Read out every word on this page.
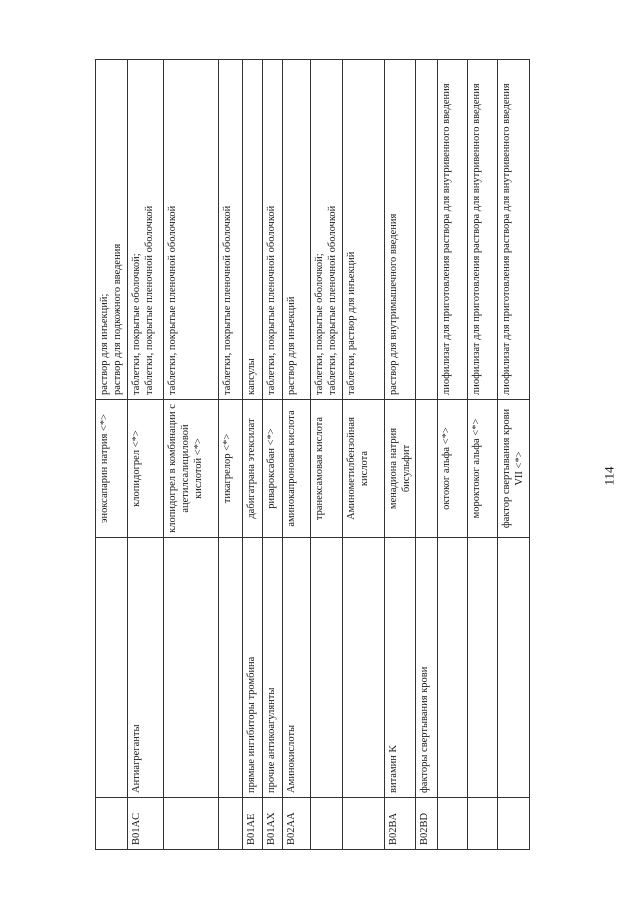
		эноксапарин натрия <*>	раствор для инъекций; раствор для подкожного введения

B01AC	Антиагреганты	клопидогрел <*>	таблетки, покрытые оболочкой; таблетки, покрытые пленочной оболочкой

		клопидогрел в комбинации с ацетилсалициловой кислотой <*>	таблетки, покрытые пленочной оболочкой

		тикагрелор <*>	таблетки, покрытые пленочной оболочкой

B01AE	прямые ингибиторы тромбина	дабигатрана этексилат	капсулы

B01AX	прочие антикоагулянты	ривароксабан <*>	таблетки, покрытые пленочной оболочкой

B02AA	Аминокислоты	аминокапроновая кислота	раствор для инъекций

		транексамовая кислота	таблетки, покрытые оболочкой; таблетки, покрытые пленочной оболочкой

		Аминометилбензойная кислота	таблетки, раствор для инъекций

B02BA	витамин K	менадиона натрия бисульфит	раствор для внутримышечного введения

B02BD	факторы свертывания крови		

		октоког альфа <*>	лиофилизат для приготовления раствора для внутривенного введения

		мороктоког альфа <*>	лиофилизат для приготовления раствора для внутривенного введения

		фактор свертывания крови VII <*>	лиофилизат для приготовления раствора для внутривенного введения
114
